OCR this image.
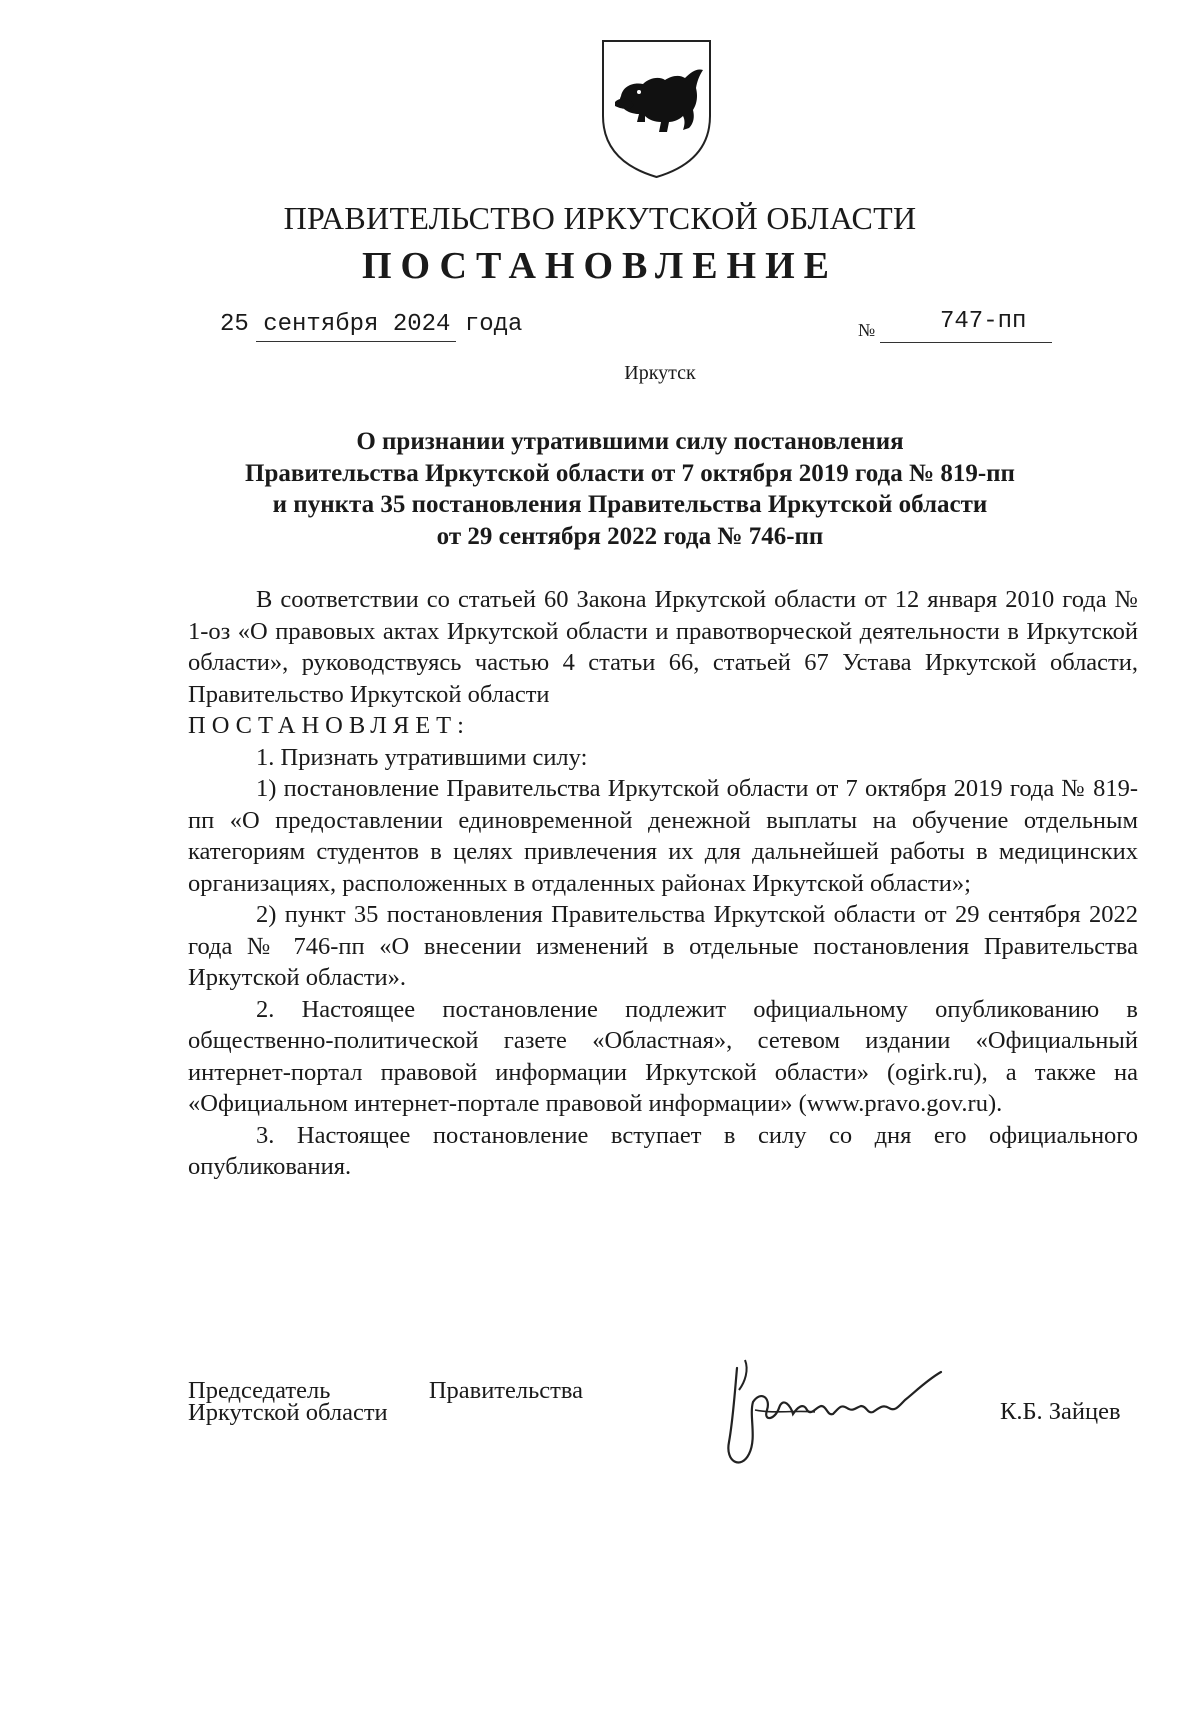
ПРАВИТЕЛЬСТВО ИРКУТСКОЙ ОБЛАСТИ
ПОСТАНОВЛЕНИЕ
25 сентября 2024 года	№	747-пп
Иркутск
О признании утратившими силу постановления
Правительства Иркутской области от 7 октября 2019 года № 819-пп
и пункта 35 постановления Правительства Иркутской области
от 29 сентября 2022 года № 746-пп

В соответствии со статьей 60 Закона Иркутской области от 12 января 2010 года № 1-оз «О правовых актах Иркутской области и правотворческой деятельности в Иркутской области», руководствуясь частью 4 статьи 66, статьей 67 Устава Иркутской области, Правительство Иркутской области

ПОСТАНОВЛЯЕТ:

1. Признать утратившими силу:

1) постановление Правительства Иркутской области от 7 октября 2019 года № 819-пп «О предоставлении единовременной денежной выплаты на обучение отдельным категориям студентов в целях привлечения их для дальнейшей работы в медицинских организациях, расположенных в отдаленных районах Иркутской области»;

2) пункт 35 постановления Правительства Иркутской области от 29 сентября 2022 года № 746-пп «О внесении изменений в отдельные постановления Правительства Иркутской области».

2. Настоящее постановление подлежит официальному опубликованию в общественно-политической газете «Областная», сетевом издании «Официальный интернет-портал правовой информации Иркутской области» (ogirk.ru), а также на «Официальном интернет-портале правовой информации» (www.pravo.gov.ru).

3. Настоящее постановление вступает в силу со дня его официального опубликования.

Председатель	Правительства
Иркутской области	К.Б. Зайцев
